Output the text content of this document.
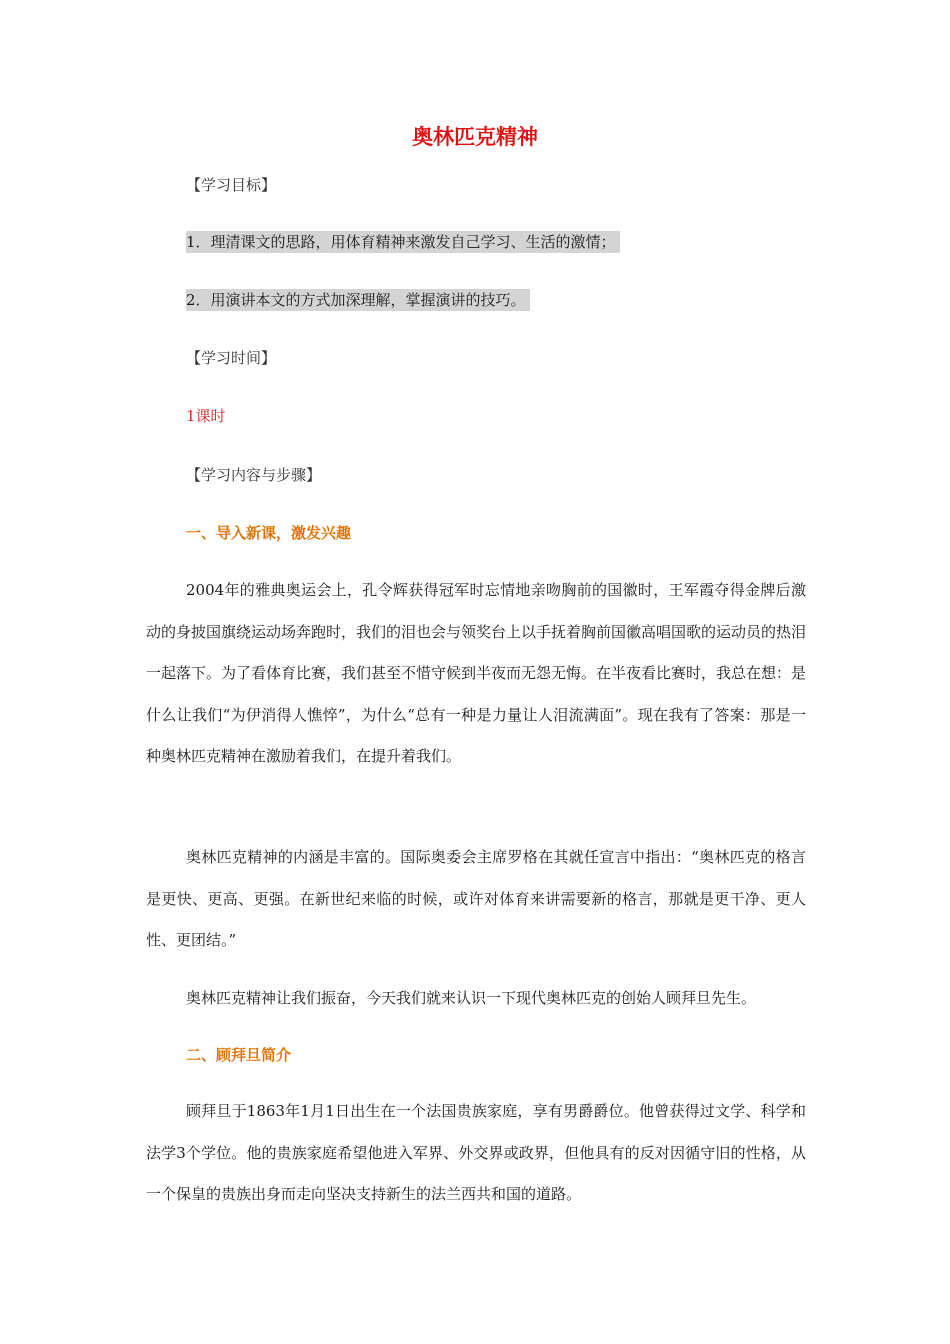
奥林匹克精神
【学习目标】
1．理清课文的思路，用体育精神来激发自己学习、生活的激情；
2．用演讲本文的方式加深理解，掌握演讲的技巧。
【学习时间】
1课时
【学习内容与步骤】
一、导入新课，激发兴趣

2004年的雅典奥运会上，孔令辉获得冠军时忘情地亲吻胸前的国徽时，王军霞夺得金牌后激动的身披国旗绕运动场奔跑时，我们的泪也会与领奖台上以手抚着胸前国徽高唱国歌的运动员的热泪一起落下。为了看体育比赛，我们甚至不惜守候到半夜而无怨无悔。在半夜看比赛时，我总在想：是什么让我们“为伊消得人憔悴”，为什么“总有一种是力量让人泪流满面”。现在我有了答案：那是一种奥林匹克精神在激励着我们，在提升着我们。

奥林匹克精神的内涵是丰富的。国际奥委会主席罗格在其就任宣言中指出：“奥林匹克的格言是更快、更高、更强。在新世纪来临的时候，或许对体育来讲需要新的格言，那就是更干净、更人性、更团结。”

奥林匹克精神让我们振奋，今天我们就来认识一下现代奥林匹克的创始人顾拜旦先生。

二、顾拜旦简介

顾拜旦于1863年1月1日出生在一个法国贵族家庭，享有男爵爵位。他曾获得过文学、科学和法学3个学位。他的贵族家庭希望他进入军界、外交界或政界，但他具有的反对因循守旧的性格，从一个保皇的贵族出身而走向坚决支持新生的法兰西共和国的道路。
